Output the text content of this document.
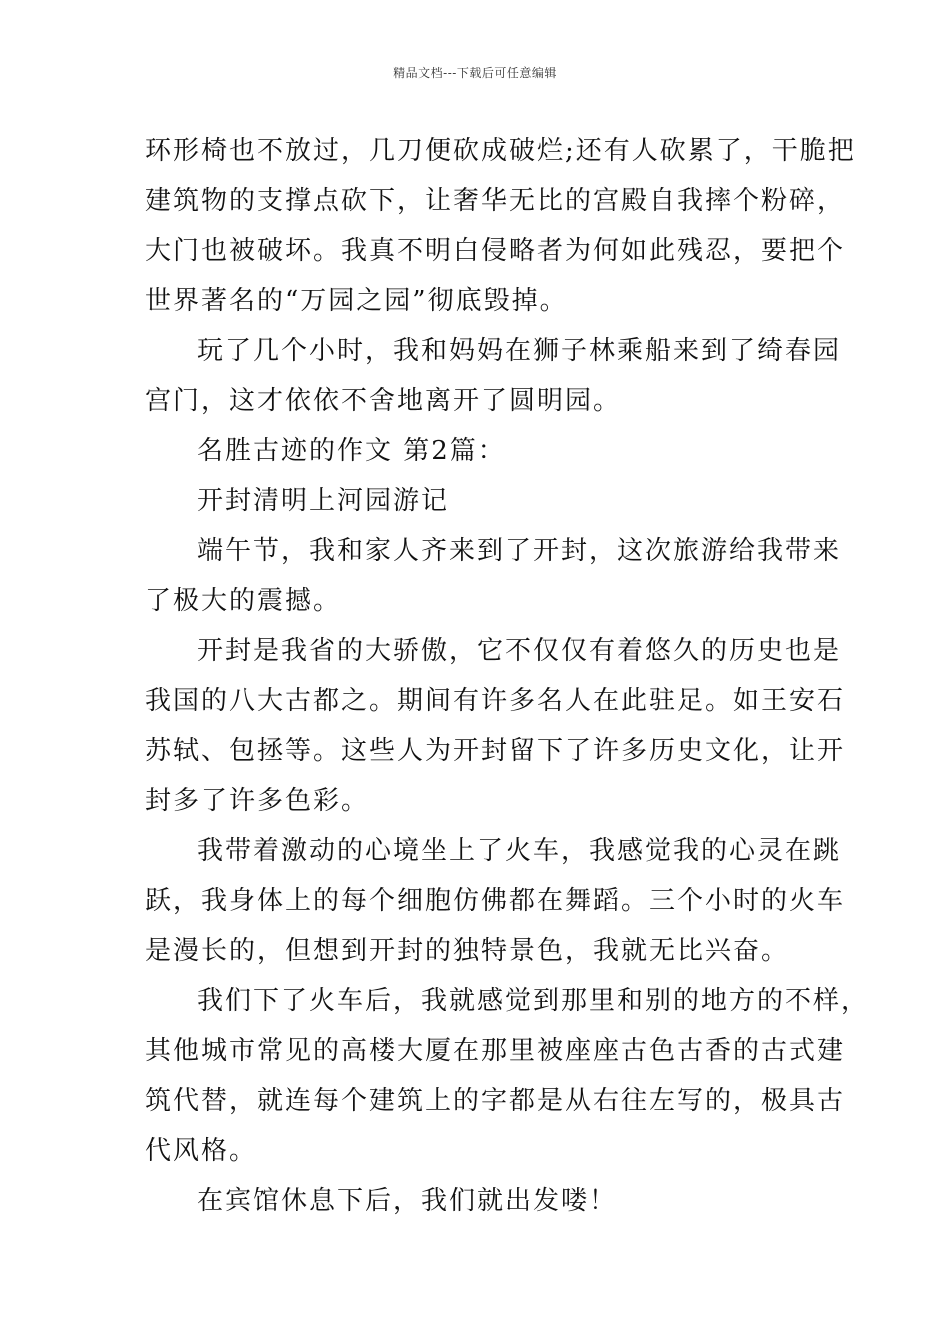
精品文档---下载后可任意编辑
环形椅也不放过，几刀便砍成破烂;还有人砍累了，干脆把
建筑物的支撑点砍下，让奢华无比的宫殿自我摔个粉碎，
大门也被破坏。我真不明白侵略者为何如此残忍，要把个
世界著名的“万园之园”彻底毁掉。
玩了几个小时，我和妈妈在狮子林乘船来到了绮春园
宫门，这才依依不舍地离开了圆明园。
名胜古迹的作文 第2篇：
开封清明上河园游记
端午节，我和家人齐来到了开封，这次旅游给我带来
了极大的震撼。
开封是我省的大骄傲，它不仅仅有着悠久的历史也是
我国的八大古都之。期间有许多名人在此驻足。如王安石
苏轼、包拯等。这些人为开封留下了许多历史文化，让开
封多了许多色彩。
我带着激动的心境坐上了火车，我感觉我的心灵在跳
跃，我身体上的每个细胞仿佛都在舞蹈。三个小时的火车
是漫长的，但想到开封的独特景色，我就无比兴奋。
我们下了火车后，我就感觉到那里和别的地方的不样，
其他城市常见的高楼大厦在那里被座座古色古香的古式建
筑代替，就连每个建筑上的字都是从右往左写的，极具古
代风格。
在宾馆休息下后，我们就出发喽！
